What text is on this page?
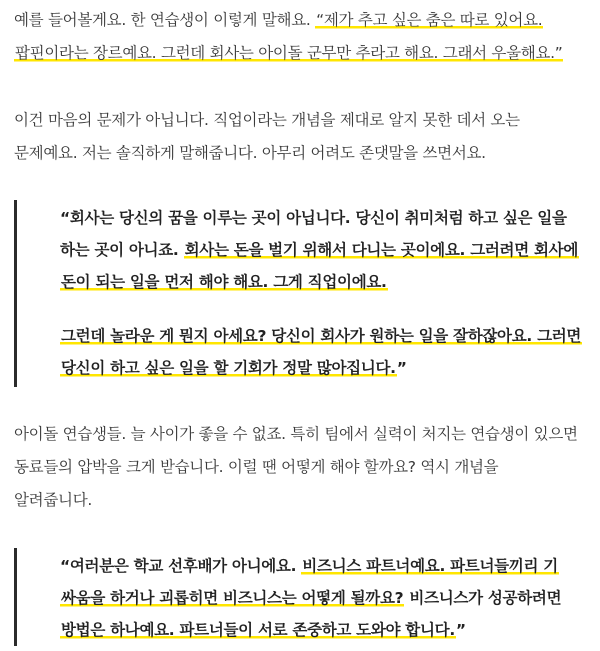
예를 들어볼게요. 한 연습생이 이렇게 말해요. “제가 추고 싶은 춤은 따로 있어요.
팝핀이라는 장르예요. 그런데 회사는 아이돌 군무만 추라고 해요. 그래서 우울해요.”
이건 마음의 문제가 아닙니다. 직업이라는 개념을 제대로 알지 못한 데서 오는
문제예요. 저는 솔직하게 말해줍니다. 아무리 어려도 존댓말을 쓰면서요.
“회사는 당신의 꿈을 이루는 곳이 아닙니다. 당신이 취미처럼 하고 싶은 일을
하는 곳이 아니죠. 회사는 돈을 벌기 위해서 다니는 곳이에요. 그러려면 회사에
돈이 되는 일을 먼저 해야 해요. 그게 직업이에요.
그런데 놀라운 게 뭔지 아세요? 당신이 회사가 원하는 일을 잘하잖아요. 그러면
당신이 하고 싶은 일을 할 기회가 정말 많아집니다.”
아이돌 연습생들. 늘 사이가 좋을 수 없죠. 특히 팀에서 실력이 처지는 연습생이 있으면
동료들의 압박을 크게 받습니다. 이럴 땐 어떻게 해야 할까요? 역시 개념을
알려줍니다.
“여러분은 학교 선후배가 아니에요. 비즈니스 파트너예요. 파트너들끼리 기
싸움을 하거나 괴롭히면 비즈니스는 어떻게 될까요? 비즈니스가 성공하려면
방법은 하나예요. 파트너들이 서로 존중하고 도와야 합니다.”
